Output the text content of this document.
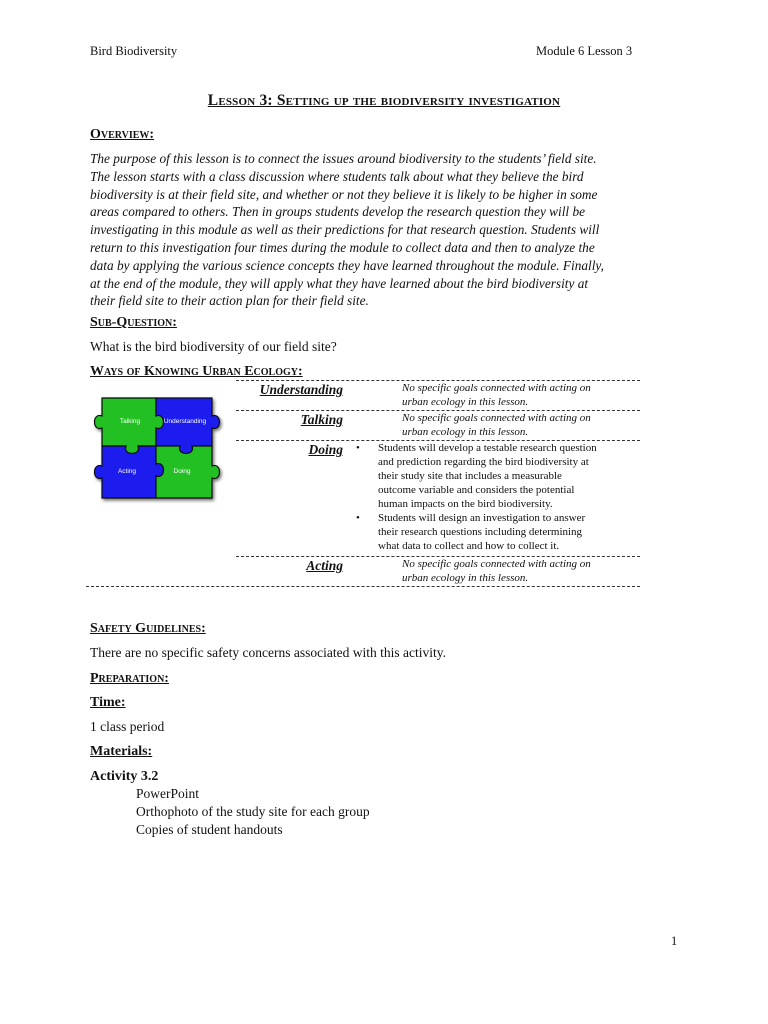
Bird Biodiversity	Module 6 Lesson 3
Lesson 3: Setting up the biodiversity investigation
Overview:
The purpose of this lesson is to connect the issues around biodiversity to the students’ field site.
The lesson starts with a class discussion where students talk about what they believe the bird
biodiversity is at their field site, and whether or not they believe it is likely to be higher in some
areas compared to others. Then in groups students develop the research question they will be
investigating in this module as well as their predictions for that research question. Students will
return to this investigation four times during the module to collect data and then to analyze the
data by applying the various science concepts they have learned throughout the module. Finally,
at the end of the module, they will apply what they have learned about the bird biodiversity at
their field site to their action plan for their field site.
Sub-Question:
What is the bird biodiversity of our field site?
Ways of Knowing Urban Ecology:
Talking	Understanding
Acting	Doing
Understanding	No specific goals connected with acting on
urban ecology in this lesson.
Talking	No specific goals connected with acting on
urban ecology in this lesson.
Doing • Students will develop a testable research question
and prediction regarding the bird biodiversity at
their study site that includes a measurable
outcome variable and considers the potential
human impacts on the bird biodiversity.
• Students will design an investigation to answer
their research questions including determining
what data to collect and how to collect it.
Acting	No specific goals connected with acting on
urban ecology in this lesson.
Safety Guidelines:
There are no specific safety concerns associated with this activity.
Preparation:
Time:
1 class period
Materials:
Activity 3.2
PowerPoint
Orthophoto of the study site for each group
Copies of student handouts
1
